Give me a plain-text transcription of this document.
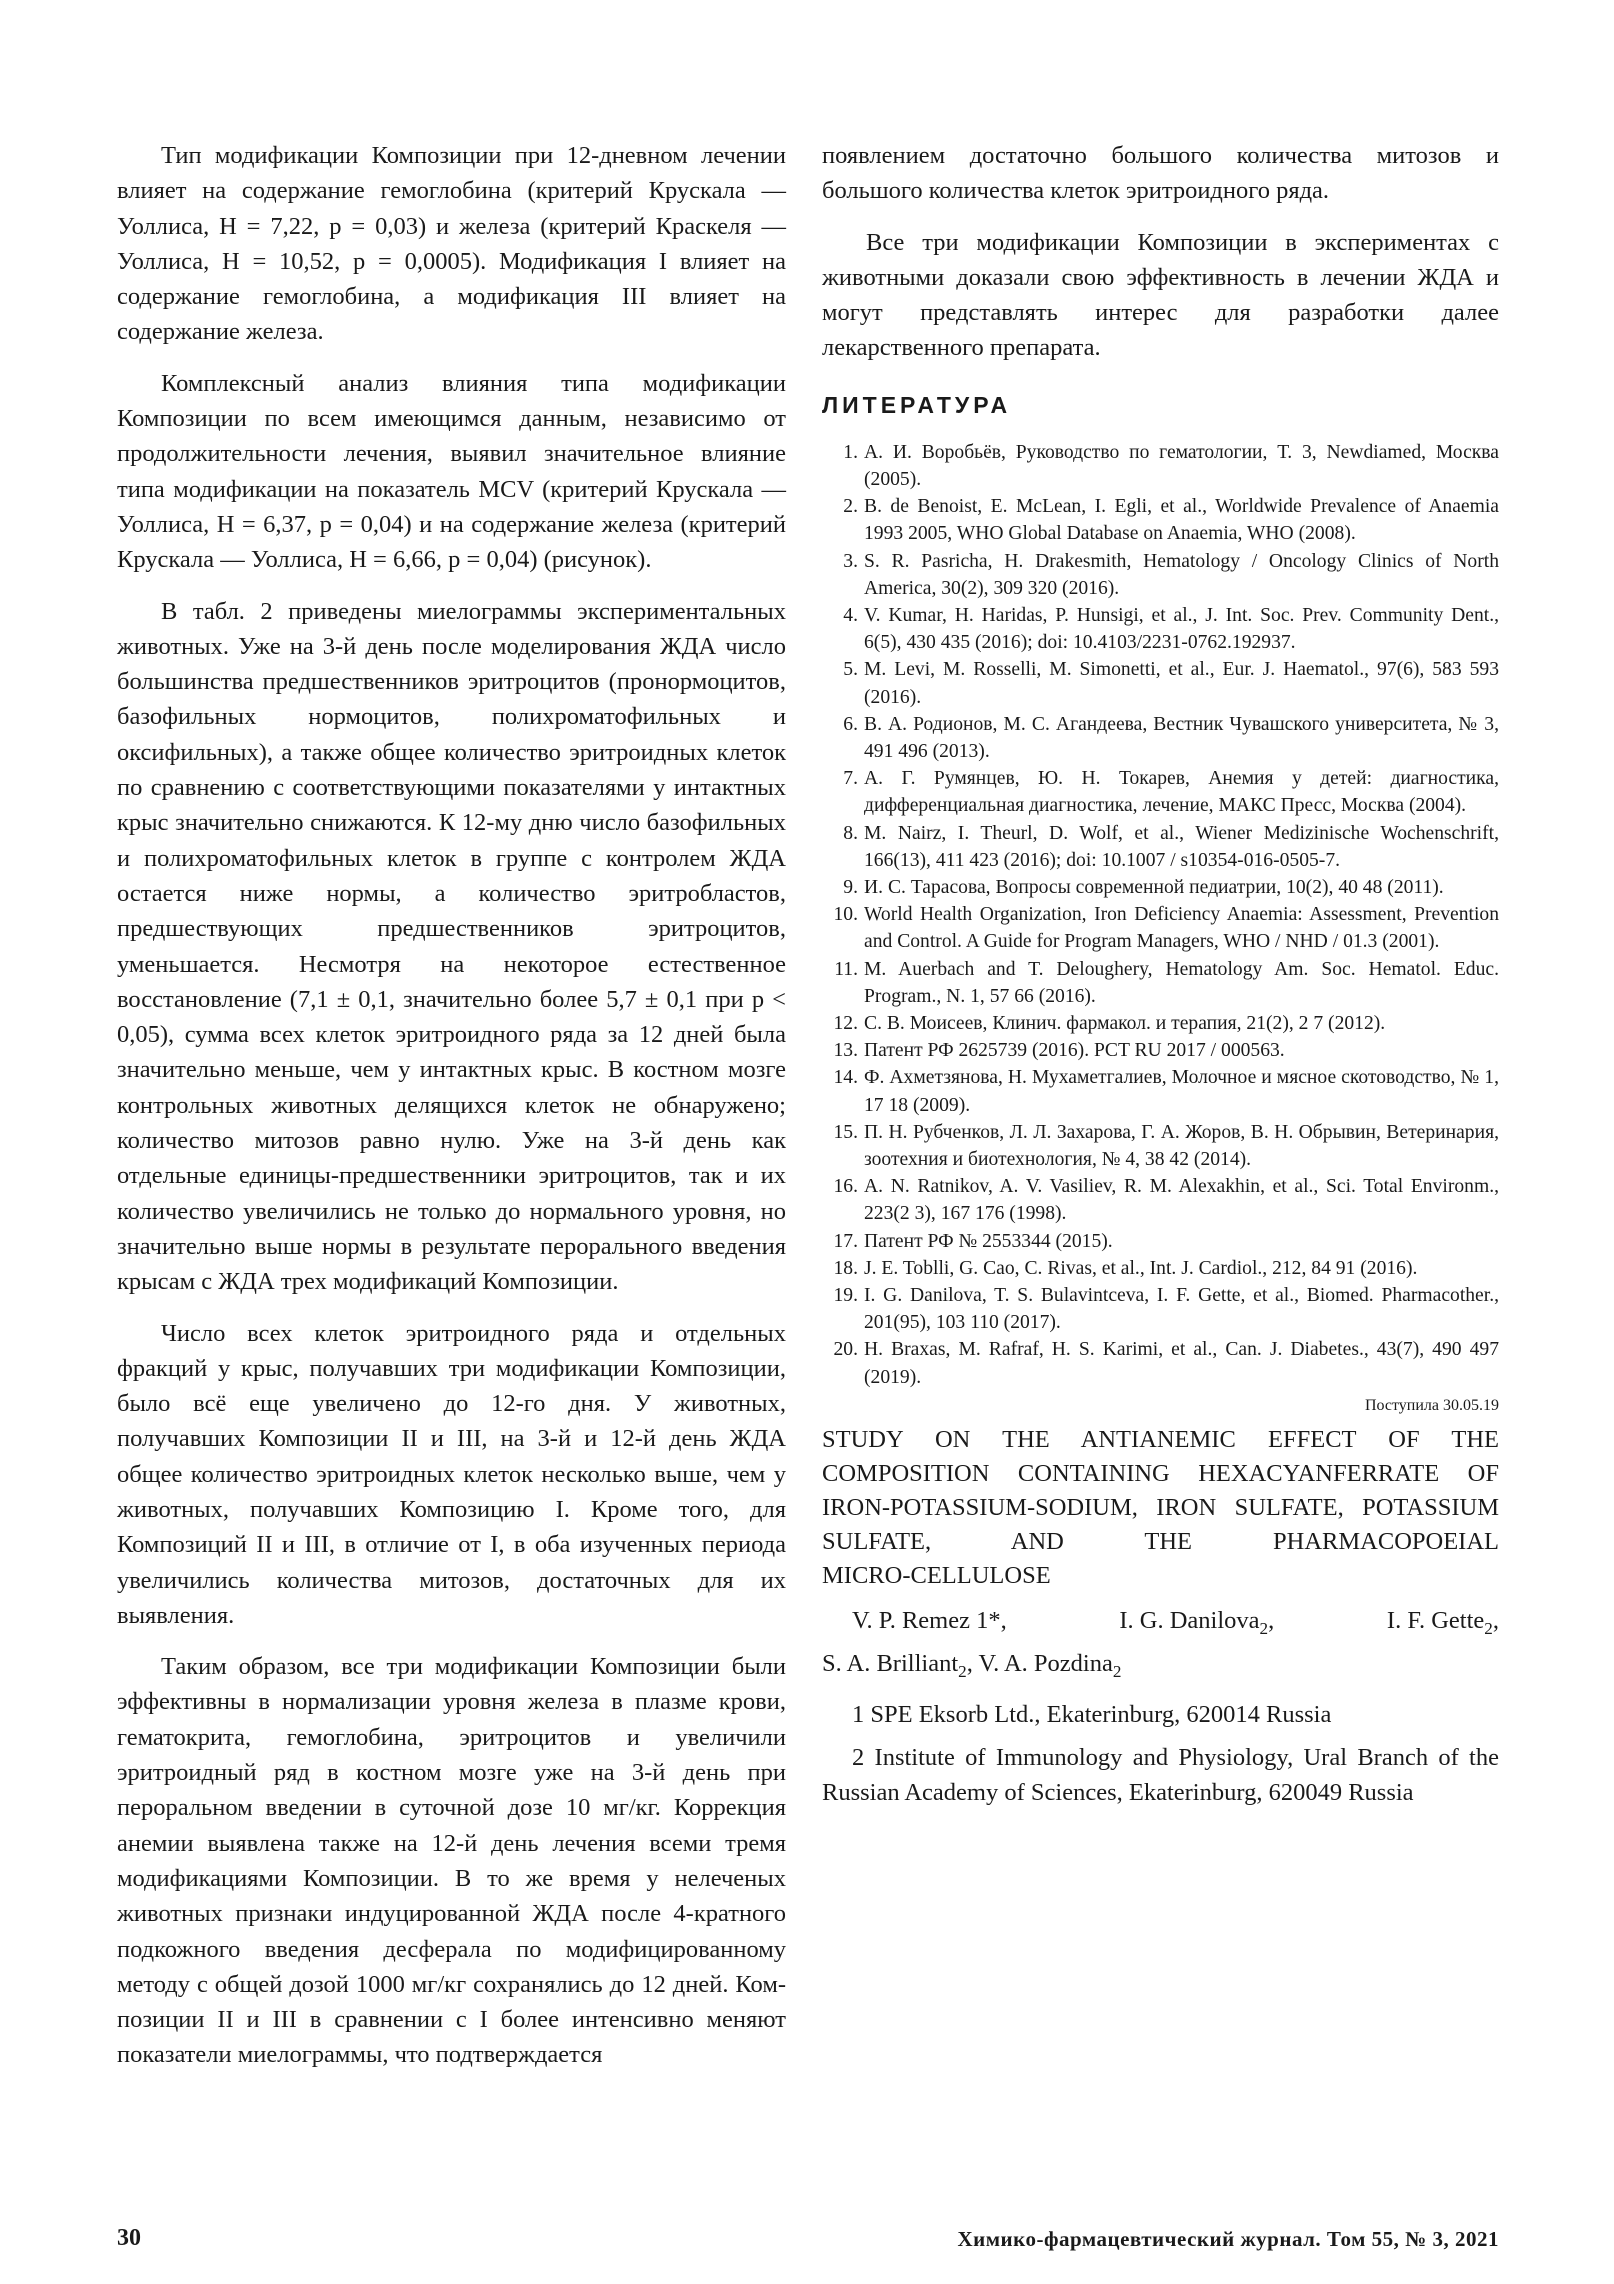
Тип модификации Композиции при 12-дневном лечении влияет на содержание гемоглобина (критерий Крускала — Уоллиса, H = 7,22, p = 0,03) и железа (критерий Краскеля — Уоллиса, H = 10,52, p = 0,0005). Модификация I влияет на содержание гемоглобина, а модификация III влияет на содержание железа.

Комплексный анализ влияния типа модификации Композиции по всем имеющимся данным, независимо от продолжительности лечения, выявил значительное влияние типа модификации на показатель MCV (критерий Крускала — Уоллиса, Н = 6,37, p = 0,04) и на содержание железа (критерий Крускала — Уоллиса, Н = 6,66, p = 0,04) (рисунок).

В табл. 2 приведены миелограммы экспериментальных животных. Уже на 3-й день после моделирования ЖДА число большинства предшественников эритроцитов (пронормоцитов, базофильных нормоцитов, полихроматофильных и оксифильных), а также общее количество эритроидных клеток по сравнению с соответствующими показателями у интактных крыс значительно снижаются. К 12-му дню число базофильных и полихроматофильных клеток в группе с контролем ЖДА остается ниже нормы, а количество эритробластов, предшествующих предшественников эритроцитов, уменьшается. Несмотря на некоторое естественное восстановление (7,1 ± 0,1, значительно более 5,7 ± 0,1 при p < 0,05), сумма всех клеток эритроидного ряда за 12 дней была значительно меньше, чем у интактных крыс. В костном мозге контрольных животных делящихся клеток не обнаружено; количество митозов равно нулю. Уже на 3-й день как отдельные единицы-предшественники эритроцитов, так и их количество увеличились не только до нормального уровня, но значительно выше нормы в результате перорального введения крысам с ЖДА трех модификаций Композиции.

Число всех клеток эритроидного ряда и отдельных фракций у крыс, получавших три модификации Композиции, было всё еще увеличено до 12-го дня. У животных, получавших Композиции II и III, на 3-й и 12-й день ЖДА общее количество эритроидных клеток несколько выше, чем у животных, получавших Композицию I. Кроме того, для Композиций II и III, в отличие от I, в оба изученных периода увеличились количества митозов, достаточных для их выявления.

Таким образом, все три модификации Композиции были эффективны в нормализации уровня железа в плазме крови, гематокрита, гемоглобина, эритроцитов и увеличили эритроидный ряд в костном мозге уже на 3-й день при пероральном введении в суточной дозе 10 мг/кг. Коррекция анемии выявлена также на 12-й день лечения всеми тремя модификациями Композиции. В то же время у нелеченых животных признаки индуцированной ЖДА после 4-кратного подкожного введения десферала по модифицированному методу с общей дозой 1000 мг/кг сохранялись до 12 дней. Композиции II и III в сравнении с I более интенсивно меняют показатели миелограммы, что подтверждается

появлением достаточно большого количества митозов и большого количества клеток эритроидного ряда.

Все три модификации Композиции в экспериментах с животными доказали свою эффективность в лечении ЖДА и могут представлять интерес для разработки далее лекарственного препарата.

ЛИТЕРАТУРА
1. А. И. Воробьёв, Руководство по гематологии, Т. 3, Newdiamed, Москва (2005).
2. B. de Benoist, E. McLean, I. Egli, et al., Worldwide Prevalence of Anaemia 1993 2005, WHO Global Database on Anaemia, WHO (2008).
3. S. R. Pasricha, H. Drakesmith, Hematology / Oncology Clinics of North America, 30(2), 309 320 (2016).
4. V. Kumar, H. Haridas, P. Hunsigi, et al., J. Int. Soc. Prev. Community Dent., 6(5), 430 435 (2016); doi: 10.4103/2231-0762.192937.
5. M. Levi, M. Rosselli, M. Simonetti, et al., Eur. J. Haematol., 97(6), 583 593 (2016).
6. В. А. Родионов, М. С. Агандеева, Вестник Чувашского университета, № 3, 491 496 (2013).
7. А. Г. Румянцев, Ю. Н. Токарев, Анемия у детей: диагностика, дифференциальная диагностика, лечение, МАКС Пресс, Москва (2004).
8. M. Nairz, I. Theurl, D. Wolf, et al., Wiener Medizinische Wochenschrift, 166(13), 411 423 (2016); doi: 10.1007 / s10354-016-0505-7.
9. И. С. Тарасова, Вопросы современной педиатрии, 10(2), 40 48 (2011).
10. World Health Organization, Iron Deficiency Anaemia: Assessment, Prevention and Control. A Guide for Program Managers, WHO / NHD / 01.3 (2001).
11. M. Auerbach and T. Deloughery, Hematology Am. Soc. Hematol. Educ. Program., N. 1, 57 66 (2016).
12. С. В. Моисеев, Клинич. фармакол. и терапия, 21(2), 2 7 (2012).
13. Патент РФ 2625739 (2016). PCT RU 2017 / 000563.
14. Ф. Ахметзянова, Н. Мухаметгалиев, Молочное и мясное скотоводство, № 1, 17 18 (2009).
15. П. Н. Рубченков, Л. Л. Захарова, Г. А. Жоров, В. Н. Обрывин, Ветеринария, зоотехния и биотехнология, № 4, 38 42 (2014).
16. A. N. Ratnikov, A. V. Vasiliev, R. M. Alexakhin, et al., Sci. Total Environm., 223(2 3), 167 176 (1998).
17. Патент РФ № 2553344 (2015).
18. J. E. Toblli, G. Cao, C. Rivas, et al., Int. J. Cardiol., 212, 84 91 (2016).
19. I. G. Danilova, T. S. Bulavintceva, I. F. Gette, et al., Biomed. Pharmacother., 201(95), 103 110 (2017).
20. H. Braxas, M. Rafraf, H. S. Karimi, et al., Can. J. Diabetes., 43(7), 490 497 (2019).
Поступила 30.05.19
STUDY ON THE ANTIANEMIC EFFECT OF THE COMPOSITION CONTAINING HEXACYANFERRATE OF IRON-POTASSIUM-SODIUM, IRON SULFATE, POTASSIUM SULFATE, AND THE PHARMACOPOEIAL
MICRO-CELLULOSE

V. P. Remez 1*,	I. G. Danilova$_2$,	I. F. Gette$_2$,

S. A. Brilliant$_2$, V. A. Pozdina$_2$

1 SPE Eksorb Ltd., Ekaterinburg, 620014 Russia

2 Institute of Immunology and Physiology, Ural Branch of the Russian Academy of Sciences, Ekaterinburg, 620049 Russia

30	Химико-фармацевтический журнал. Том 55, № 3, 2021
